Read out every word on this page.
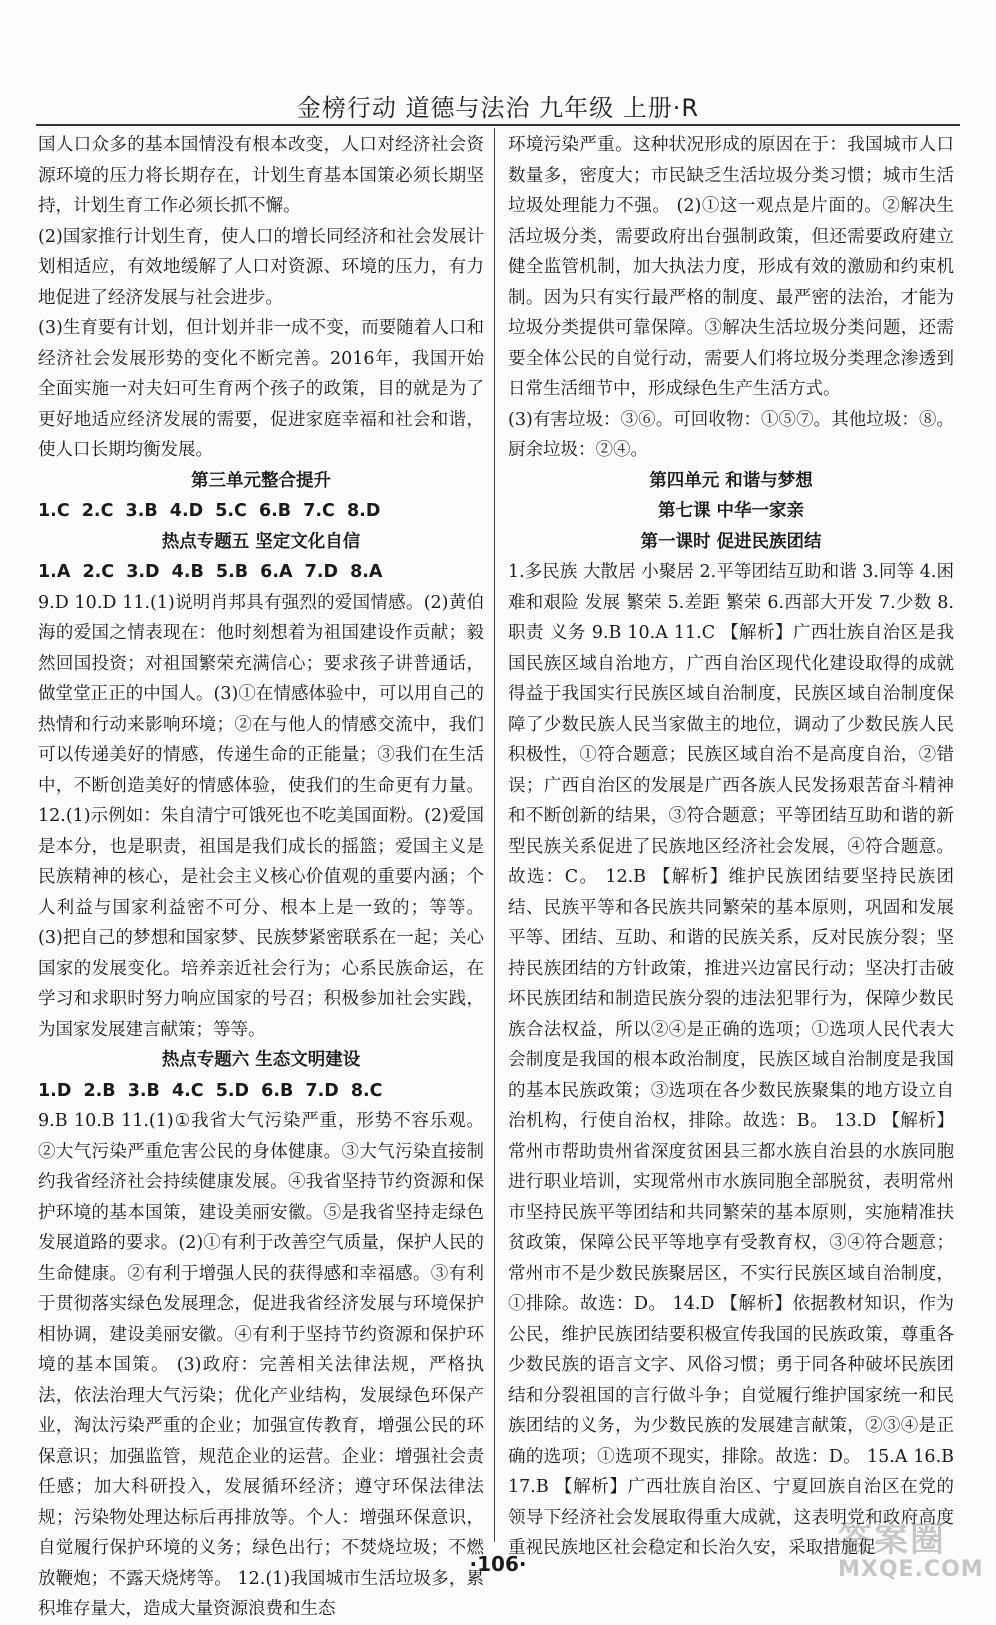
金榜行动 道德与法治 九年级 上册·R

国人口众多的基本国情没有根本改变，人口对经济社会资源环境的压力将长期存在，计划生育基本国策必须长期坚持，计划生育工作必须长抓不懈。

(2)国家推行计划生育，使人口的增长同经济和社会发展计划相适应，有效地缓解了人口对资源、环境的压力，有力地促进了经济发展与社会进步。

(3)生育要有计划，但计划并非一成不变，而要随着人口和经济社会发展形势的变化不断完善。2016年，我国开始全面实施一对夫妇可生育两个孩子的政策，目的就是为了更好地适应经济发展的需要，促进家庭幸福和社会和谐，使人口长期均衡发展。

第三单元整合提升

1.C 2.C 3.B 4.D 5.C 6.B 7.C 8.D

热点专题五 坚定文化自信

1.A 2.C 3.D 4.B 5.B 6.A 7.D 8.A

9.D 10.D 11.(1)说明肖邦具有强烈的爱国情感。(2)黄伯海的爱国之情表现在：他时刻想着为祖国建设作贡献；毅然回国投资；对祖国繁荣充满信心；要求孩子讲普通话，做堂堂正正的中国人。(3)①在情感体验中，可以用自己的热情和行动来影响环境；②在与他人的情感交流中，我们可以传递美好的情感，传递生命的正能量；③我们在生活中，不断创造美好的情感体验，使我们的生命更有力量。 12.(1)示例如：朱自清宁可饿死也不吃美国面粉。(2)爱国是本分，也是职责，祖国是我们成长的摇篮；爱国主义是民族精神的核心，是社会主义核心价值观的重要内涵；个人利益与国家利益密不可分、根本上是一致的；等等。 (3)把自己的梦想和国家梦、民族梦紧密联系在一起；关心国家的发展变化。培养亲近社会行为；心系民族命运，在学习和求职时努力响应国家的号召；积极参加社会实践，为国家发展建言献策；等等。

热点专题六 生态文明建设

1.D 2.B 3.B 4.C 5.D 6.B 7.D 8.C

9.B 10.B 11.(1)①我省大气污染严重，形势不容乐观。②大气污染严重危害公民的身体健康。③大气污染直接制约我省经济社会持续健康发展。④我省坚持节约资源和保护环境的基本国策，建设美丽安徽。⑤是我省坚持走绿色发展道路的要求。(2)①有利于改善空气质量，保护人民的生命健康。②有利于增强人民的获得感和幸福感。③有利于贯彻落实绿色发展理念，促进我省经济发展与环境保护相协调，建设美丽安徽。④有利于坚持节约资源和保护环境的基本国策。 (3)政府：完善相关法律法规，严格执法，依法治理大气污染；优化产业结构，发展绿色环保产业，淘汰污染严重的企业；加强宣传教育，增强公民的环保意识；加强监管，规范企业的运营。企业：增强社会责任感；加大科研投入，发展循环经济；遵守环保法律法规；污染物处理达标后再排放等。个人：增强环保意识，自觉履行保护环境的义务；绿色出行；不焚烧垃圾；不燃放鞭炮；不露天烧烤等。 12.(1)我国城市生活垃圾多，累积堆存量大，造成大量资源浪费和生态

环境污染严重。这种状况形成的原因在于：我国城市人口数量多，密度大；市民缺乏生活垃圾分类习惯；城市生活垃圾处理能力不强。 (2)①这一观点是片面的。②解决生活垃圾分类，需要政府出台强制政策，但还需要政府建立健全监管机制，加大执法力度，形成有效的激励和约束机制。因为只有实行最严格的制度、最严密的法治，才能为垃圾分类提供可靠保障。③解决生活垃圾分类问题，还需要全体公民的自觉行动，需要人们将垃圾分类理念渗透到日常生活细节中，形成绿色生产生活方式。

(3)有害垃圾：③⑥。可回收物：①⑤⑦。其他垃圾：⑧。厨余垃圾：②④。

第四单元 和谐与梦想

第七课 中华一家亲

第一课时 促进民族团结

1.多民族 大散居 小聚居 2.平等团结互助和谐 3.同等 4.困难和艰险 发展 繁荣 5.差距 繁荣 6.西部大开发 7.少数 8.职责 义务 9.B 10.A 11.C 【解析】广西壮族自治区是我国民族区域自治地方，广西自治区现代化建设取得的成就得益于我国实行民族区域自治制度，民族区域自治制度保障了少数民族人民当家做主的地位，调动了少数民族人民积极性，①符合题意；民族区域自治不是高度自治，②错误；广西自治区的发展是广西各族人民发扬艰苦奋斗精神和不断创新的结果，③符合题意；平等团结互助和谐的新型民族关系促进了民族地区经济社会发展，④符合题意。故选：C。 12.B 【解析】维护民族团结要坚持民族团结、民族平等和各民族共同繁荣的基本原则，巩固和发展平等、团结、互助、和谐的民族关系，反对民族分裂；坚持民族团结的方针政策，推进兴边富民行动；坚决打击破坏民族团结和制造民族分裂的违法犯罪行为，保障少数民族合法权益，所以②④是正确的选项；①选项人民代表大会制度是我国的根本政治制度，民族区域自治制度是我国的基本民族政策；③选项在各少数民族聚集的地方设立自治机构，行使自治权，排除。故选：B。 13.D 【解析】常州市帮助贵州省深度贫困县三都水族自治县的水族同胞进行职业培训，实现常州市水族同胞全部脱贫，表明常州市坚持民族平等团结和共同繁荣的基本原则，实施精准扶贫政策，保障公民平等地享有受教育权，③④符合题意；常州市不是少数民族聚居区，不实行民族区域自治制度，①排除。故选：D。 14.D 【解析】依据教材知识，作为公民，维护民族团结要积极宣传我国的民族政策，尊重各少数民族的语言文字、风俗习惯；勇于同各种破坏民族团结和分裂祖国的言行做斗争；自觉履行维护国家统一和民族团结的义务，为少数民族的发展建言献策，②③④是正确的选项；①选项不现实，排除。故选：D。 15.A 16.B 17.B 【解析】广西壮族自治区、宁夏回族自治区在党的领导下经济社会发展取得重大成就，这表明党和政府高度重视民族地区社会稳定和长治久安，采取措施促

·106·
答案圈
MXQE.COM
